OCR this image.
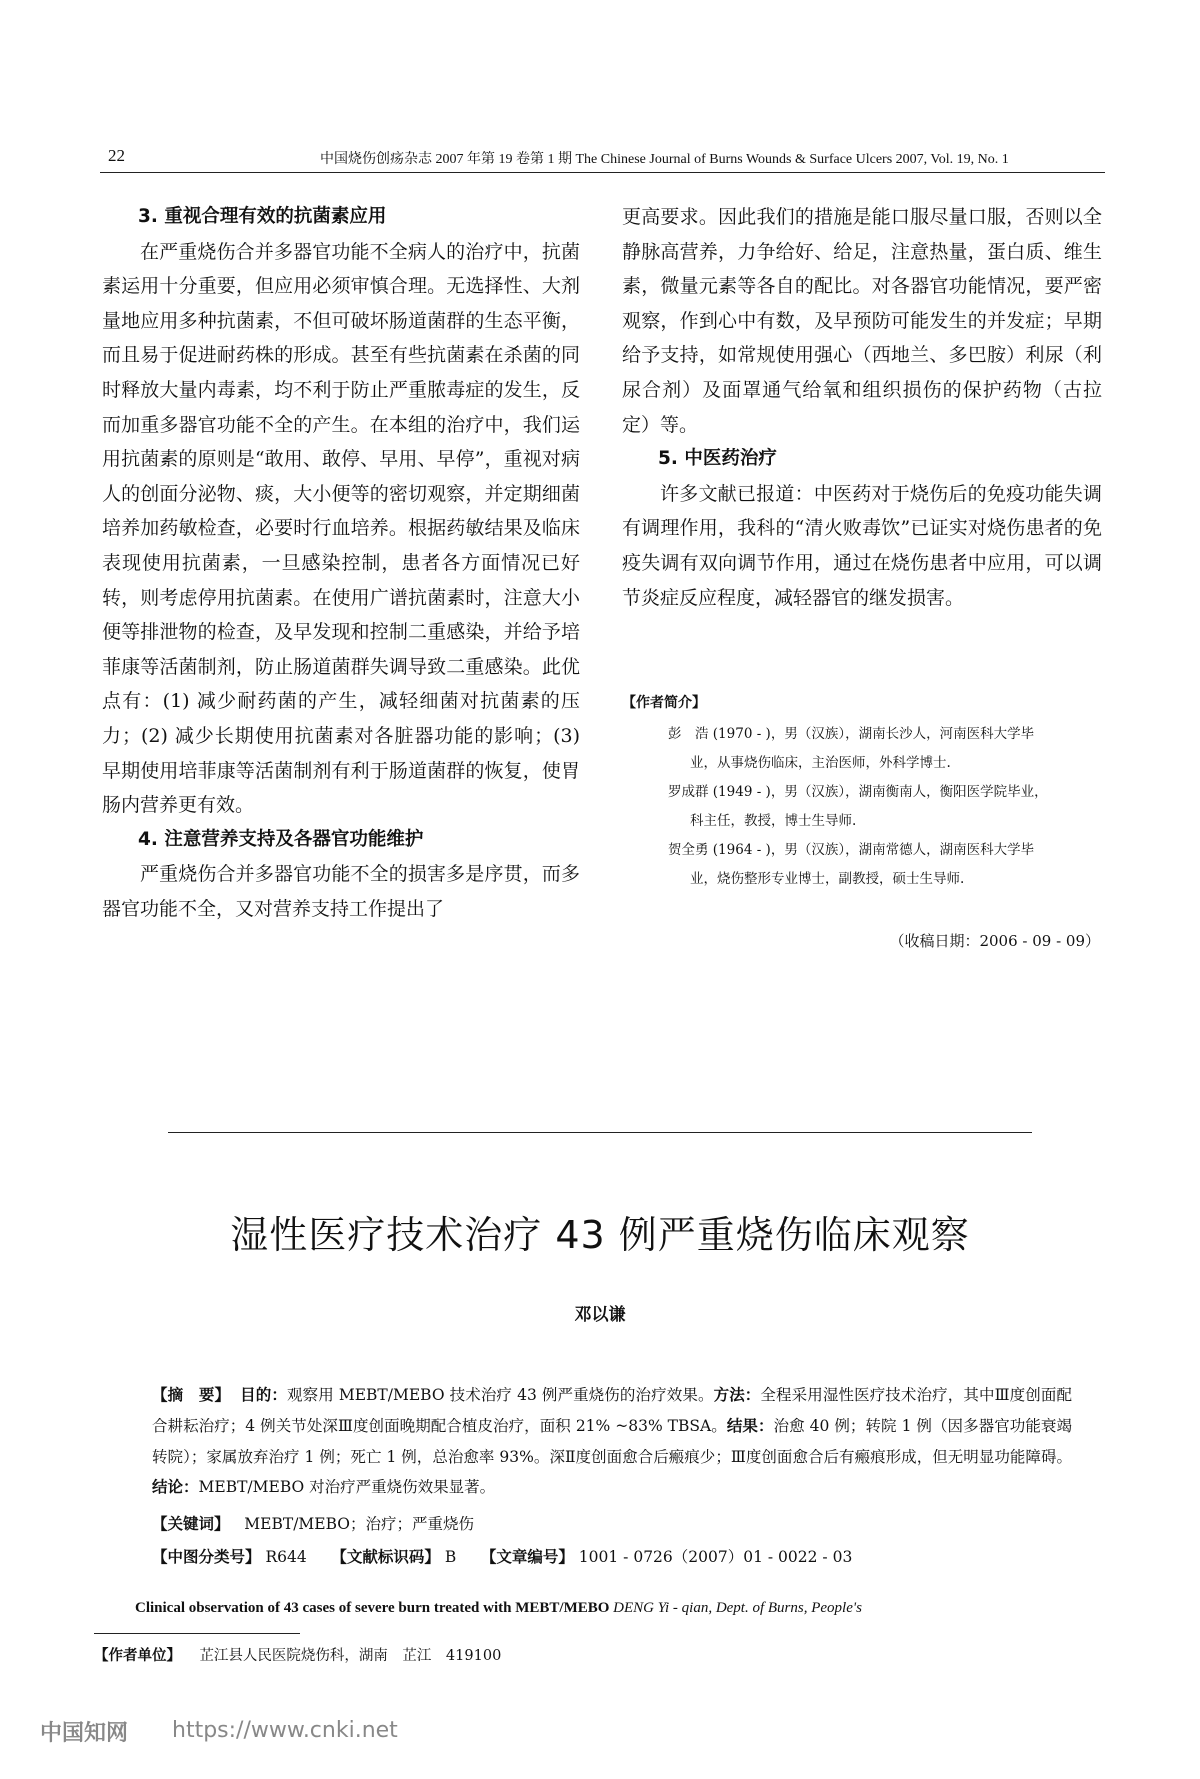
22	中国烧伤创疡杂志 2007 年第 19 卷第 1 期 The Chinese Journal of Burns Wounds & Surface Ulcers 2007, Vol. 19, No. 1
3. 重视合理有效的抗菌素应用

在严重烧伤合并多器官功能不全病人的治疗中，抗菌素运用十分重要，但应用必须审慎合理。无选择性、大剂量地应用多种抗菌素，不但可破坏肠道菌群的生态平衡，而且易于促进耐药株的形成。甚至有些抗菌素在杀菌的同时释放大量内毒素，均不利于防止严重脓毒症的发生，反而加重多器官功能不全的产生。在本组的治疗中，我们运用抗菌素的原则是“敢用、敢停、早用、早停”，重视对病人的创面分泌物、痰，大小便等的密切观察，并定期细菌培养加药敏检查，必要时行血培养。根据药敏结果及临床表现使用抗菌素，一旦感染控制，患者各方面情况已好转，则考虑停用抗菌素。在使用广谱抗菌素时，注意大小便等排泄物的检查，及早发现和控制二重感染，并给予培菲康等活菌制剂，防止肠道菌群失调导致二重感染。此优点有：(1) 减少耐药菌的产生，减轻细菌对抗菌素的压力；(2) 减少长期使用抗菌素对各脏器功能的影响；(3) 早期使用培菲康等活菌制剂有利于肠道菌群的恢复，使胃肠内营养更有效。

4. 注意营养支持及各器官功能维护

严重烧伤合并多器官功能不全的损害多是序贯，而多器官功能不全，又对营养支持工作提出了

更高要求。因此我们的措施是能口服尽量口服，否则以全静脉高营养，力争给好、给足，注意热量，蛋白质、维生素，微量元素等各自的配比。对各器官功能情况，要严密观察，作到心中有数，及早预防可能发生的并发症；早期给予支持，如常规使用强心（西地兰、多巴胺）利尿（利尿合剂）及面罩通气给氧和组织损伤的保护药物（古拉定）等。
5. 中医药治疗

许多文献已报道：中医药对于烧伤后的免疫功能失调有调理作用，我科的“清火败毒饮”已证实对烧伤患者的免疫失调有双向调节作用，通过在烧伤患者中应用，可以调节炎症反应程度，减轻器官的继发损害。

【作者简介】
彭　浩 (1970 - )，男（汉族），湖南长沙人，河南医科大学毕
业，从事烧伤临床，主治医师，外科学博士.
罗成群 (1949 - )，男（汉族），湖南衡南人，衡阳医学院毕业，
科主任，教授，博士生导师.
贺全勇 (1964 - )，男（汉族），湖南常德人，湖南医科大学毕
业，烧伤整形专业博士，副教授，硕士生导师.
（收稿日期：2006 - 09 - 09）
湿性医疗技术治疗 43 例严重烧伤临床观察
邓以谦
【摘　要】 目的：观察用 MEBT/MEBO 技术治疗 43 例严重烧伤的治疗效果。方法：全程采用湿性医疗技术治疗，其中Ⅲ度创面配合耕耘治疗；4 例关节处深Ⅲ度创面晚期配合植皮治疗，面积 21% ~83% TBSA。结果：治愈 40 例；转院 1 例（因多器官功能衰竭转院）；家属放弃治疗 1 例；死亡 1 例，总治愈率 93%。深Ⅱ度创面愈合后瘢痕少；Ⅲ度创面愈合后有瘢痕形成，但无明显功能障碍。结论：MEBT/MEBO 对治疗严重烧伤效果显著。
【关键词】 MEBT/MEBO；治疗；严重烧伤
【中图分类号】 R644 【文献标识码】 B 【文章编号】 1001 - 0726（2007）01 - 0022 - 03
Clinical observation of 43 cases of severe burn treated with MEBT/MEBO DENG Yi - qian, Dept. of Burns, People's
【作者单位】 芷江县人民医院烧伤科，湖南　芷江　419100
中国知网 https://www.cnki.net
